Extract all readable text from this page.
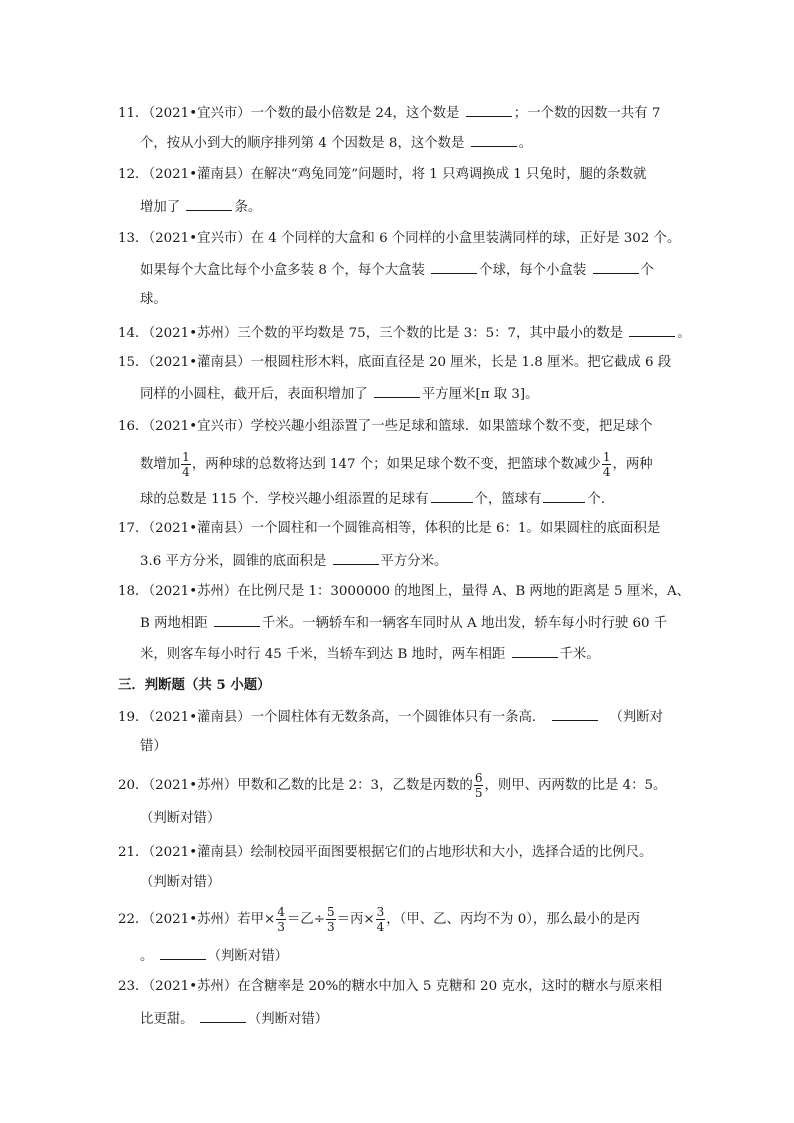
11．（2021•宜兴市）一个数的最小倍数是 24，这个数是	；一个数的因数一共有 7
个，按从小到大的顺序排列第 4 个因数是 8，这个数是	。
12．（2021•灌南县）在解决“鸡兔同笼”问题时，将 1 只鸡调换成 1 只兔时，腿的条数就
增加了	条。
13．（2021•宜兴市）在 4 个同样的大盒和 6 个同样的小盒里装满同样的球，正好是 302 个。
如果每个大盒比每个小盒多装 8 个，每个大盒装	个球，每个小盒装	个
球。
14．（2021•苏州）三个数的平均数是 75，三个数的比是 3：5：7，其中最小的数是	。
15．（2021•灌南县）一根圆柱形木料，底面直径是 20 厘米，长是 1.8 厘米。把它截成 6 段
同样的小圆柱，截开后，表面积增加了	平方厘米[π 取 3]。
16．（2021•宜兴市）学校兴趣小组添置了一些足球和篮球．如果篮球个数不变，把足球个
数增加 $\frac{1}{4}$ ，两种球的总数将达到 147 个；如果足球个数不变，把篮球个数减少 $\frac{1}{4}$ ，两种
球的总数是 115 个．学校兴趣小组添置的足球有	个，篮球有	个．
17．（2021•灌南县）一个圆柱和一个圆锥高相等，体积的比是 6：1。如果圆柱的底面积是
3.6 平方分米，圆锥的底面积是	平方分米。
18．（2021•苏州）在比例尺是 1：3000000 的地图上，量得 A、B 两地的距离是 5 厘米，A、
B 两地相距	千米。一辆轿车和一辆客车同时从 A 地出发，轿车每小时行驶 60 千
米，则客车每小时行 45 千米，当轿车到达 B 地时，两车相距	千米。
三．判断题（共 5 小题）
19．（2021•灌南县）一个圆柱体有无数条高，一个圆锥体只有一条高．	（判断对
错）
20．（2021•苏州）甲数和乙数的比是 2：3，乙数是丙数的 $\frac{6}{5}$ ，则甲、丙两数的比是 4：5。
（判断对错）
21．（2021•灌南县）绘制校园平面图要根据它们的占地形状和大小，选择合适的比例尺。
（判断对错）
22．（2021•苏州）若甲× $\frac{4}{3}$ ＝乙÷ $\frac{5}{3}$ ＝丙× $\frac{3}{4}$ ，（甲、乙、丙均不为 0），那么最小的是丙
。	（判断对错）
23．（2021•苏州）在含糖率是 20%的糖水中加入 5 克糖和 20 克水，这时的糖水与原来相
比更甜。	（判断对错）
